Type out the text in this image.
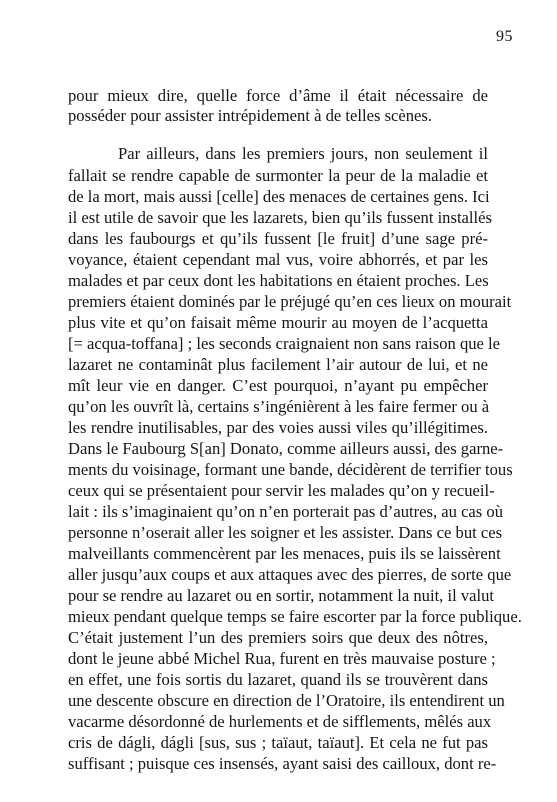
95
pour mieux dire, quelle force d’âme il était nécessaire de
posséder pour assister intrépidement à de telles scènes.
Par ailleurs, dans les premiers jours, non seulement il
fallait se rendre capable de surmonter la peur de la maladie et
de la mort, mais aussi [celle] des menaces de certaines gens. Ici
il est utile de savoir que les lazarets, bien qu’ils fussent installés
dans les faubourgs et qu’ils fussent [le fruit] d’une sage pré-
voyance, étaient cependant mal vus, voire abhorrés, et par les
malades et par ceux dont les habitations en étaient proches. Les
premiers étaient dominés par le préjugé qu’en ces lieux on mourait
plus vite et qu’on faisait même mourir au moyen de l’acquetta
[= acqua-toffana] ; les seconds craignaient non sans raison que le
lazaret ne contaminât plus facilement l’air autour de lui, et ne
mît leur vie en danger. C’est pourquoi, n’ayant pu empêcher
qu’on les ouvrît là, certains s’ingénièrent à les faire fermer ou à
les rendre inutilisables, par des voies aussi viles qu’illégitimes.
Dans le Faubourg S[an] Donato, comme ailleurs aussi, des garne-
ments du voisinage, formant une bande, décidèrent de terrifier tous
ceux qui se présentaient pour servir les malades qu’on y recueil-
lait : ils s’imaginaient qu’on n’en porterait pas d’autres, au cas où
personne n’oserait aller les soigner et les assister. Dans ce but ces
malveillants commencèrent par les menaces, puis ils se laissèrent
aller jusqu’aux coups et aux attaques avec des pierres, de sorte que
pour se rendre au lazaret ou en sortir, notamment la nuit, il valut
mieux pendant quelque temps se faire escorter par la force publique.
C’était justement l’un des premiers soirs que deux des nôtres,
dont le jeune abbé Michel Rua, furent en très mauvaise posture ;
en effet, une fois sortis du lazaret, quand ils se trouvèrent dans
une descente obscure en direction de l’Oratoire, ils entendirent un
vacarme désordonné de hurlements et de sifflements, mêlés aux
cris de dágli, dágli [sus, sus ; taïaut, taïaut]. Et cela ne fut pas
suffisant ; puisque ces insensés, ayant saisi des cailloux, dont re-
